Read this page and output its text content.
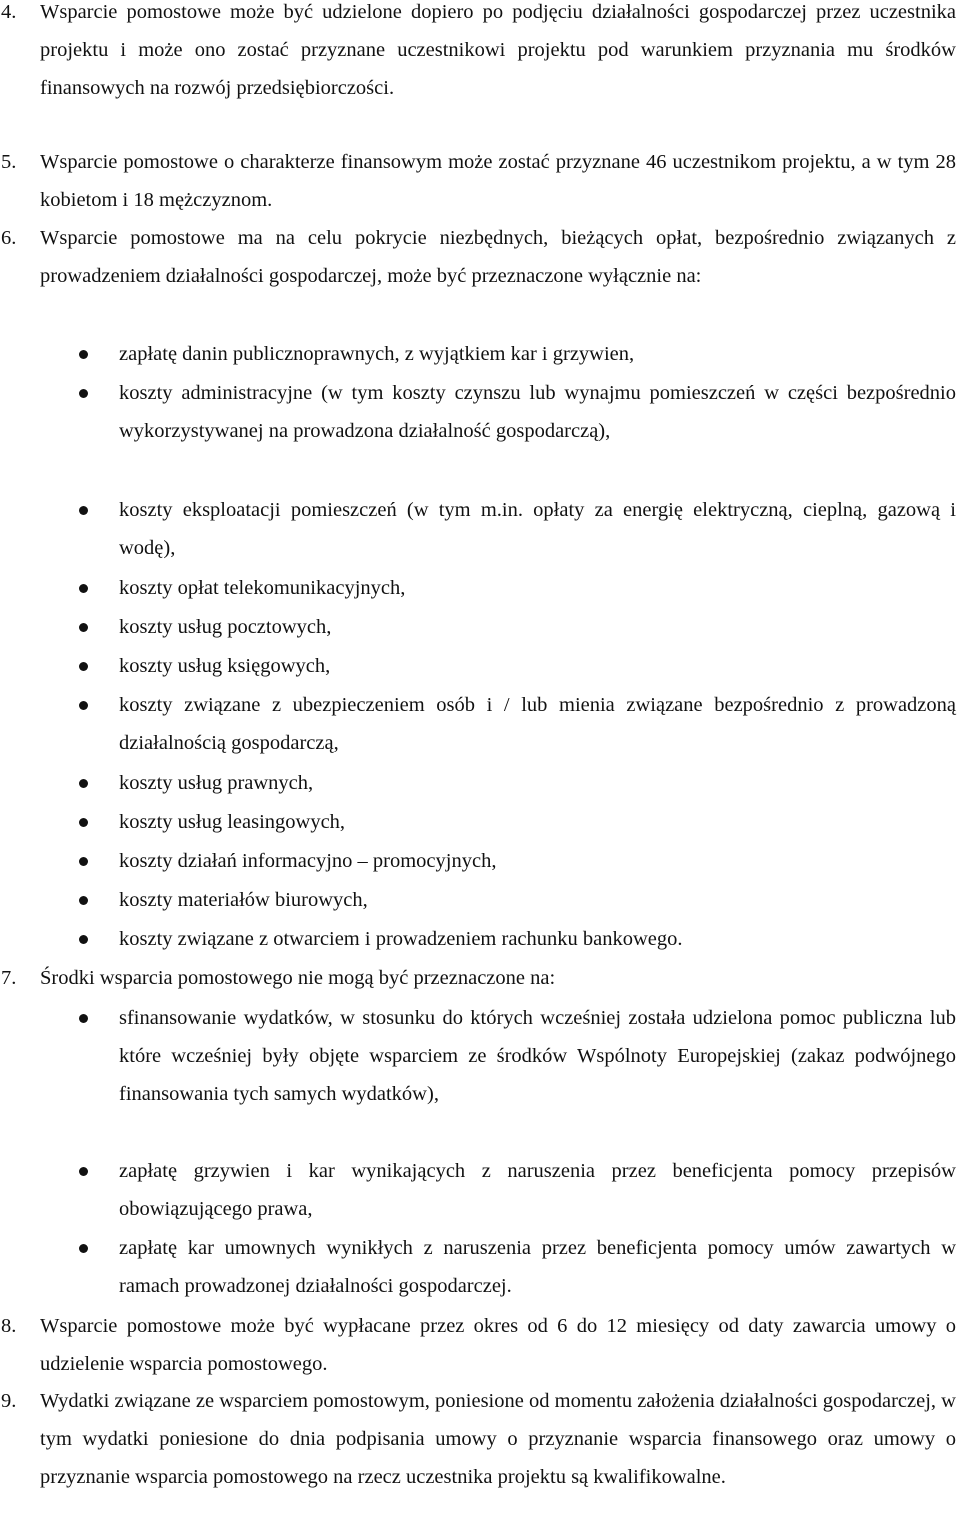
4. Wsparcie pomostowe może być udzielone dopiero po podjęciu działalności gospodarczej przez uczestnika projektu i może ono zostać przyznane uczestnikowi projektu pod warunkiem przyznania mu środków finansowych na rozwój przedsiębiorczości.
5. Wsparcie pomostowe o charakterze finansowym może zostać przyznane 46 uczestnikom projektu, a w tym 28 kobietom i 18 mężczyznom.
6. Wsparcie pomostowe ma na celu pokrycie niezbędnych, bieżących opłat, bezpośrednio związanych z prowadzeniem działalności gospodarczej, może być przeznaczone wyłącznie na:
zapłatę danin publicznoprawnych, z wyjątkiem kar i grzywien,
koszty administracyjne (w tym koszty czynszu lub wynajmu pomieszczeń w części bezpośrednio wykorzystywanej na prowadzona działalność gospodarczą),
koszty eksploatacji pomieszczeń (w tym m.in. opłaty za energię elektryczną, cieplną, gazową i wodę),
koszty opłat telekomunikacyjnych,
koszty usług pocztowych,
koszty usług księgowych,
koszty związane z ubezpieczeniem osób i / lub mienia związane bezpośrednio z prowadzoną działalnością gospodarczą,
koszty usług prawnych,
koszty usług leasingowych,
koszty działań informacyjno – promocyjnych,
koszty materiałów biurowych,
koszty związane z otwarciem i prowadzeniem rachunku bankowego.
7. Środki wsparcia pomostowego nie mogą być przeznaczone na:
sfinansowanie wydatków, w stosunku do których wcześniej została udzielona pomoc publiczna lub które wcześniej były objęte wsparciem ze środków Wspólnoty Europejskiej (zakaz podwójnego finansowania tych samych wydatków),
zapłatę grzywien i kar wynikających z naruszenia przez beneficjenta pomocy przepisów obowiązującego prawa,
zapłatę kar umownych wynikłych z naruszenia przez beneficjenta pomocy umów zawartych w ramach prowadzonej działalności gospodarczej.
8. Wsparcie pomostowe może być wypłacane przez okres od 6 do 12 miesięcy od daty zawarcia umowy o udzielenie wsparcia pomostowego.
9. Wydatki związane ze wsparciem pomostowym, poniesione od momentu założenia działalności gospodarczej, w tym wydatki poniesione do dnia podpisania umowy o przyznanie wsparcia finansowego oraz umowy o przyznanie wsparcia pomostowego na rzecz uczestnika projektu są kwalifikowalne.
